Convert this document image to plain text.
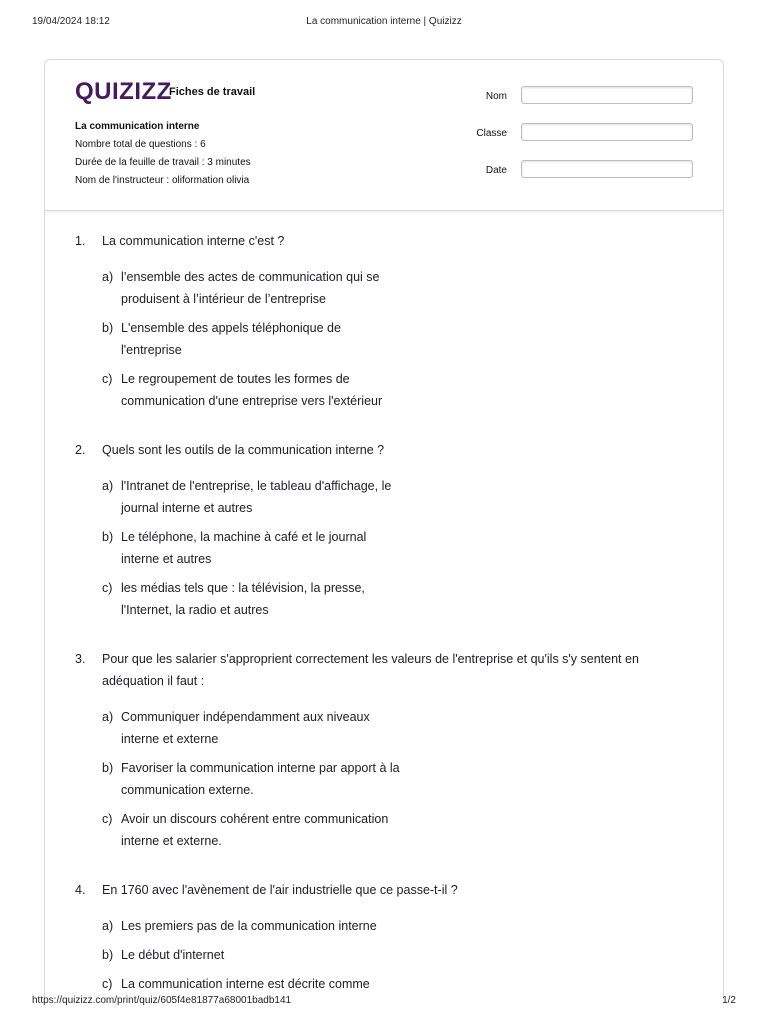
19/04/2024 18:12	La communication interne | Quizizz
QUIZIZZ
Fiches de travail
La communication interne
Nombre total de questions : 6
Durée de la feuille de travail : 3 minutes
Nom de l'instructeur : oliformation olivia
Nom
Classe
Date
1. La communication interne c'est ?
a) l’ensemble des actes de communication qui se produisent à l’intérieur de l’entreprise
b) L'ensemble des appels téléphonique de l'entreprise
c) Le regroupement de toutes les formes de communication d'une entreprise vers l'extérieur
2. Quels sont les outils de la communication interne ?
a) l'Intranet de l'entreprise, le tableau d'affichage, le journal interne et autres
b) Le téléphone, la machine à café et le journal interne et autres
c) les médias tels que : la télévision, la presse, l'Internet, la radio et autres
3. Pour que les salarier s'approprient correctement les valeurs de l'entreprise et qu'ils s'y sentent en adéquation il faut :
a) Communiquer indépendamment aux niveaux interne et externe
b) Favoriser la communication interne par apport à la communication externe.
c) Avoir un discours cohérent entre communication interne et externe.
4. En 1760 avec l'avènement de l'air industrielle que ce passe-t-il ?
a) Les premiers pas de la communication interne
b) Le début d'internet
c) La communication interne est décrite comme
https://quizizz.com/print/quiz/605f4e81877a68001badb141	1/2
